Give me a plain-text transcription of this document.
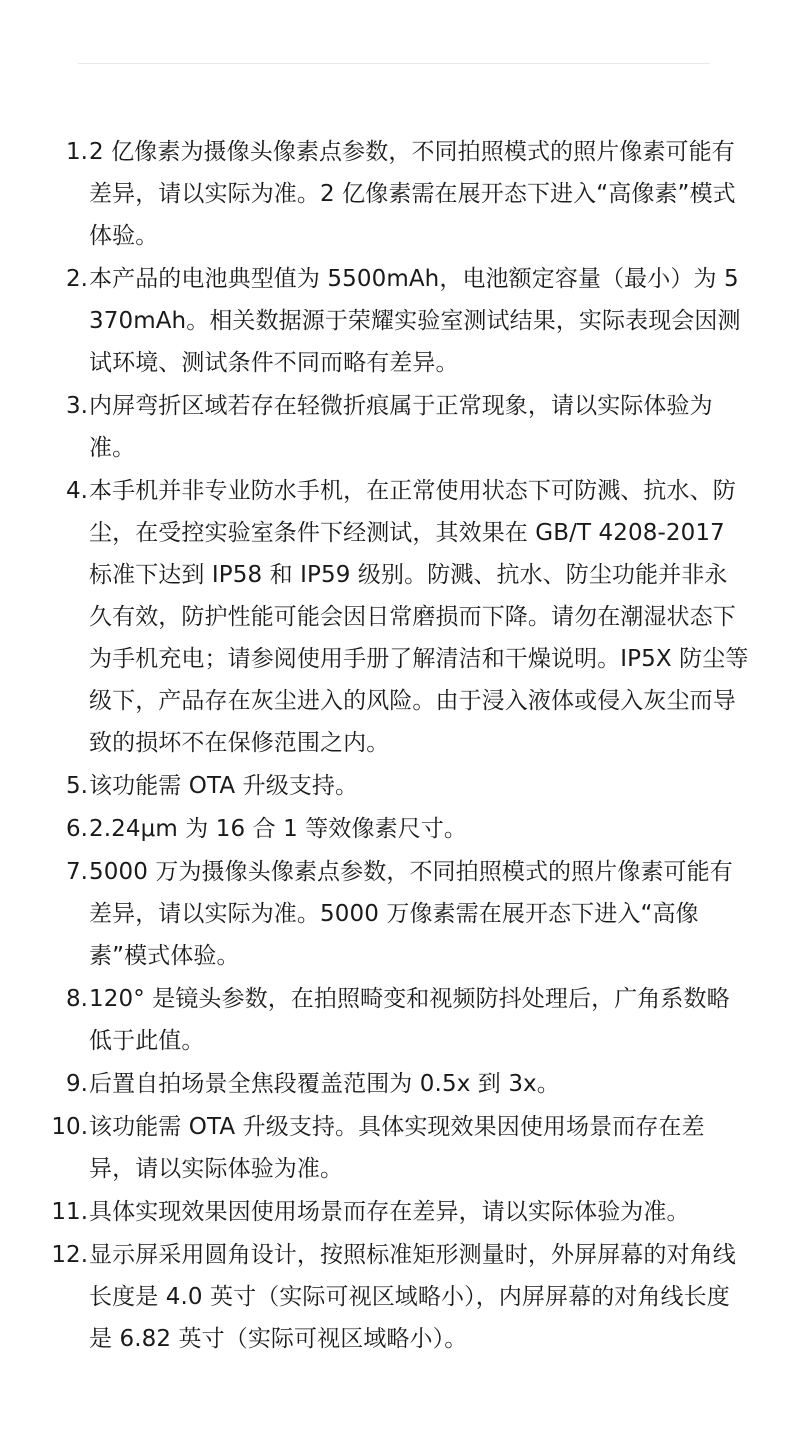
1. 2 亿像素为摄像头像素点参数，不同拍照模式的照片像素可能有差异，请以实际为准。2 亿像素需在展开态下进入“高像素”模式体验。
2. 本产品的电池典型值为 5500mAh，电池额定容量（最小）为 5370mAh。相关数据源于荣耀实验室测试结果，实际表现会因测试环境、测试条件不同而略有差异。
3. 内屏弯折区域若存在轻微折痕属于正常现象，请以实际体验为准。
4. 本手机并非专业防水手机，在正常使用状态下可防溅、抗水、防尘，在受控实验室条件下经测试，其效果在 GB/T 4208-2017 标准下达到 IP58 和 IP59 级别。防溅、抗水、防尘功能并非永久有效，防护性能可能会因日常磨损而下降。请勿在潮湿状态下为手机充电；请参阅使用手册了解清洁和干燥说明。IP5X 防尘等级下，产品存在灰尘进入的风险。由于浸入液体或侵入灰尘而导致的损坏不在保修范围之内。
5. 该功能需 OTA 升级支持。
6. 2.24μm 为 16 合 1 等效像素尺寸。
7. 5000 万为摄像头像素点参数，不同拍照模式的照片像素可能有差异，请以实际为准。5000 万像素需在展开态下进入“高像素”模式体验。
8. 120° 是镜头参数，在拍照畸变和视频防抖处理后，广角系数略低于此值。
9. 后置自拍场景全焦段覆盖范围为 0.5x 到 3x。
10. 该功能需 OTA 升级支持。具体实现效果因使用场景而存在差异，请以实际体验为准。
11. 具体实现效果因使用场景而存在差异，请以实际体验为准。
12. 显示屏采用圆角设计，按照标准矩形测量时，外屏屏幕的对角线长度是 4.0 英寸（实际可视区域略小），内屏屏幕的对角线长度是 6.82 英寸（实际可视区域略小）。
